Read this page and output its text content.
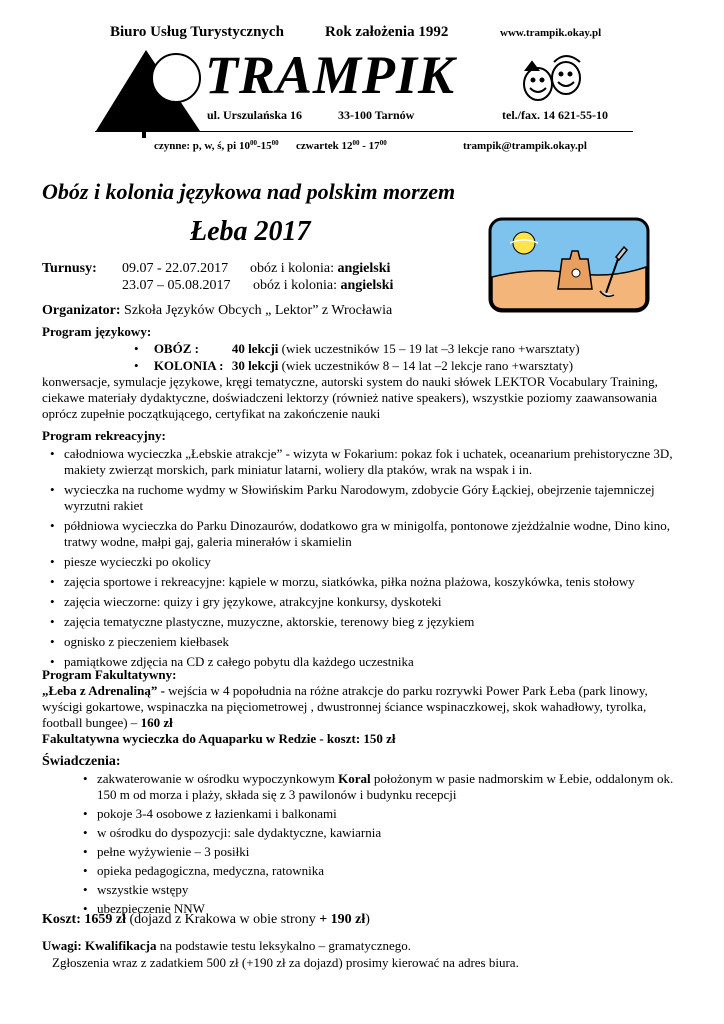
Biuro Usług Turystycznych	Rok założenia 1992	www.trampik.okay.pl
TRAMPIK
ul. Urszulańska 16	33-100 Tarnów	tel./fax. 14 621-55-10
czynne: p, w, ś, pi $10^{00}-15^{00}$ czwartek $12^{00} - 17^{00}$	trampik@trampik.okay.pl
Obóz i kolonia językowa nad polskim morzem
Łeba 2017
Turnusy: 09.07 - 22.07.2017 obóz i kolonia: angielski
23.07 – 05.08.2017 obóz i kolonia: angielski
Organizator: Szkoła Języków Obcych „ Lektor” z Wrocławia
Program językowy:
• OBÓZ :	40 lekcji (wiek uczestników 15 – 19 lat –3 lekcje rano +warsztaty)
• KOLONIA : 30 lekcji (wiek uczestników 8 – 14 lat –2 lekcje rano +warsztaty)
konwersacje, symulacje językowe, kręgi tematyczne, autorski system do nauki słówek LEKTOR Vocabulary Training, ciekawe materiały dydaktyczne, doświadczeni lektorzy (również native speakers), wszystkie poziomy zaawansowania oprócz zupełnie początkującego, certyfikat na zakończenie nauki
Program rekreacyjny:
• całodniowa wycieczka „Łebskie atrakcje” - wizyta w Fokarium: pokaz fok i uchatek, oceanarium prehistoryczne 3D, makiety zwierząt morskich, park miniatur latarni, woliery dla ptaków, wrak na wspak i in.
• wycieczka na ruchome wydmy w Słowińskim Parku Narodowym, zdobycie Góry Łąckiej, obejrzenie tajemniczej wyrzutni rakiet
• półdniowa wycieczka do Parku Dinozaurów, dodatkowo gra w minigolfa, pontonowe zjeżdżalnie wodne, Dino kino, tratwy wodne, małpi gaj, galeria minerałów i skamielin
• piesze wycieczki po okolicy
• zajęcia sportowe i rekreacyjne: kąpiele w morzu, siatkówka, piłka nożna plażowa, koszykówka, tenis stołowy
• zajęcia wieczorne: quizy i gry językowe, atrakcyjne konkursy, dyskoteki
• zajęcia tematyczne plastyczne, muzyczne, aktorskie, terenowy bieg z językiem
• ognisko z pieczeniem kiełbasek
• pamiątkowe zdjęcia na CD z całego pobytu dla każdego uczestnika
Program Fakultatywny:
„Łeba z Adrenaliną” - wejścia w 4 popołudnia na różne atrakcje do parku rozrywki Power Park Łeba (park linowy, wyścigi gokartowe, wspinaczka na pięciometrowej , dwustronnej ściance wspinaczkowej, skok wahadłowy, tyrolka, football bungee) – 160 zł
Fakultatywna wycieczka do Aquaparku w Redzie - koszt: 150 zł
Świadczenia:
• zakwaterowanie w ośrodku wypoczynkowym Koral położonym w pasie nadmorskim w Łebie, oddalonym ok. 150 m od morza i plaży, składa się z 3 pawilonów i budynku recepcji
• pokoje 3-4 osobowe z łazienkami i balkonami
• w ośrodku do dyspozycji: sale dydaktyczne, kawiarnia
• pełne wyżywienie – 3 posiłki
• opieka pedagogiczna, medyczna, ratownika
• wszystkie wstępy
• ubezpieczenie NNW
Koszt: 1659 zł (dojazd z Krakowa w obie strony + 190 zł)
Uwagi: Kwalifikacja na podstawie testu leksykalno – gramatycznego.
Zgłoszenia wraz z zadatkiem 500 zł (+190 zł za dojazd) prosimy kierować na adres biura.
